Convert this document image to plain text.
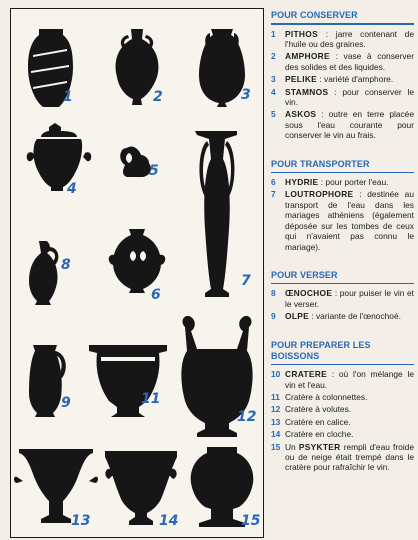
1	2	3
4
5
6
7
8
9	11
12
13	14	15
POUR CONSERVER
1	PITHOS : jarre contenant de l'huile ou des graines.
2	AMPHORE : vase à conserver des solides et des liquides.
3	PELIKE : variété d'amphore.
4	STAMNOS : pour conserver le vin.
5	ASKOS : outre en terre placée sous l'eau courante pour conserver le vin au frais.
POUR TRANSPORTER
6	HYDRIE : pour porter l'eau.
7	LOUTROPHORE : destinée au transport de l'eau dans les mariages athéniens (également déposée sur les tombes de ceux qui n'avaient pas connu le mariage).
POUR VERSER
8	ŒNOCHOE : pour puiser le vin et le verser.
9	OLPE : variante de l'œnochoé.
POUR PREPARER LES BOISSONS
10 CRATERE : où l'on mélange le vin et l'eau.
11 Cratère à colonnettes.
12 Cratère à volutes.
13 Cratère en calice.
14 Cratère en cloche.
15 Un PSYKTER rempli d'eau froide ou de neige était trempé dans le cratère pour rafraîchir le vin.
